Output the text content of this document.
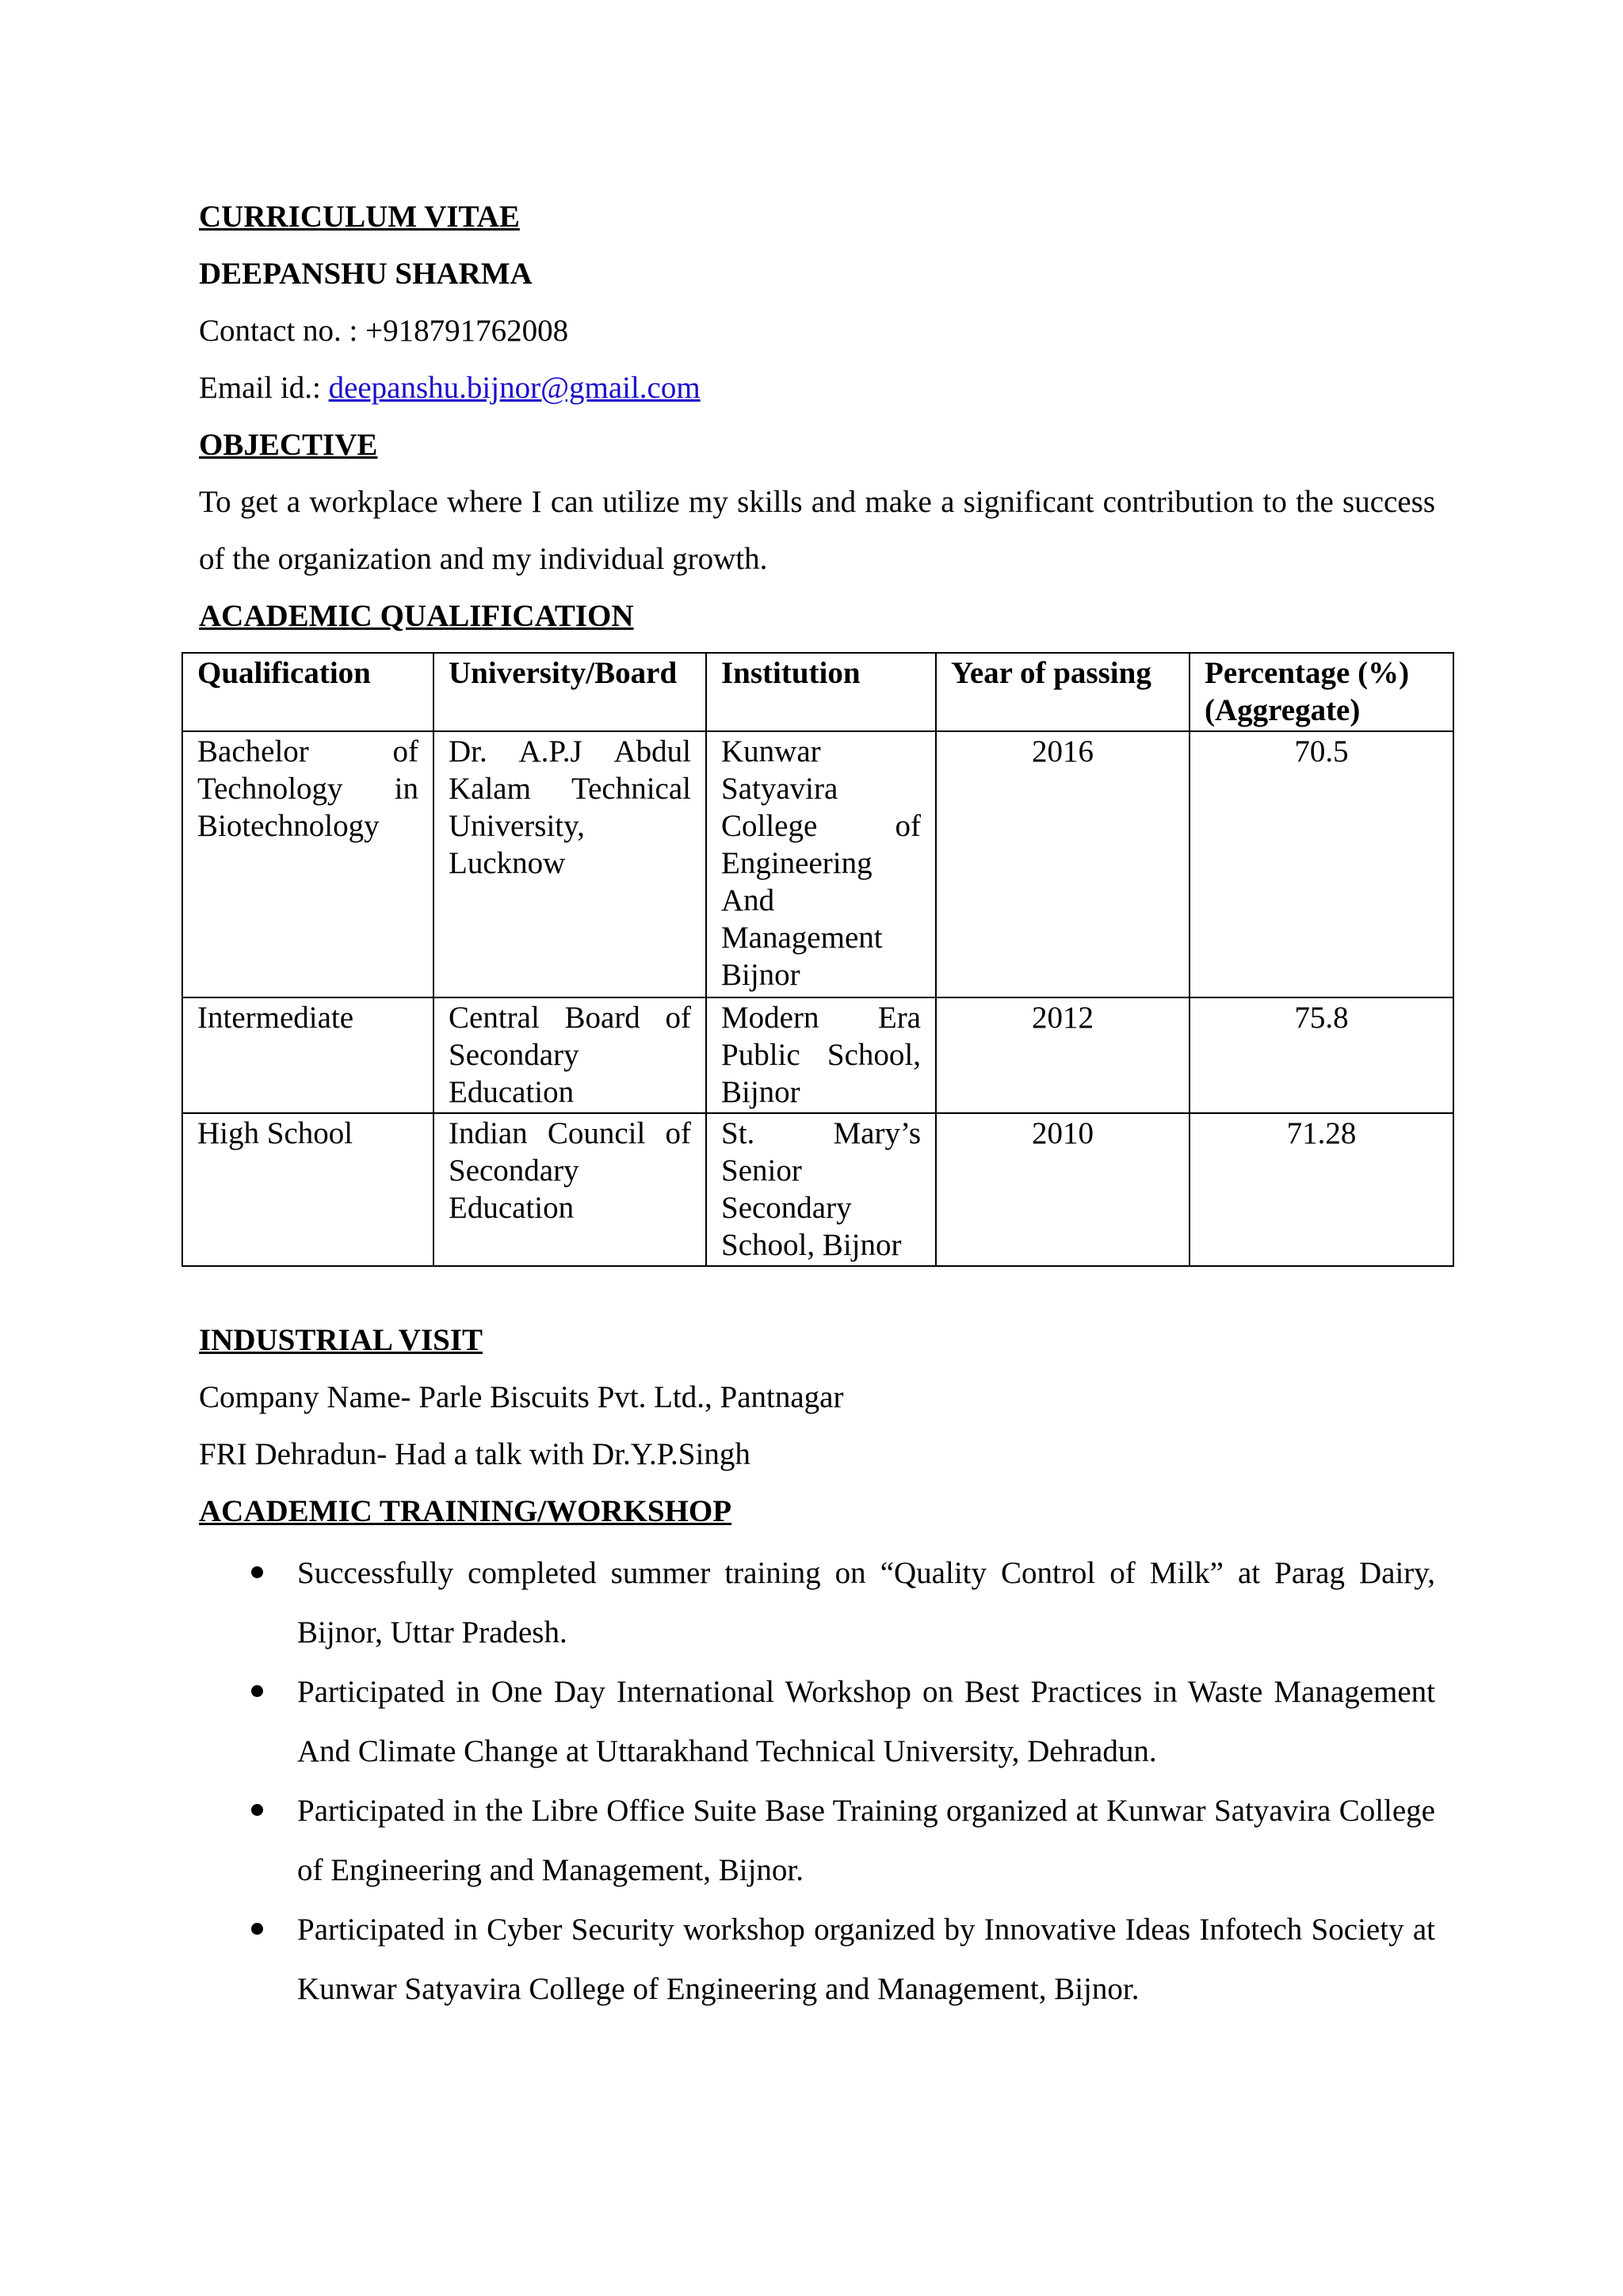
CURRICULUM VITAE
DEEPANSHU SHARMA
Contact no. : +918791762008
Email id.: deepanshu.bijnor@gmail.com
OBJECTIVE
To get a workplace where I can utilize my skills and make a significant contribution to the success of the organization and my individual growth.
ACADEMIC QUALIFICATION
Qualification	University/Board	Institution	Year of passing	Percentage (%) (Aggregate)
Bachelor of Technology in Biotechnology	Dr. A.P.J Abdul Kalam Technical University, Lucknow	Kunwar Satyavira College of Engineering And Management Bijnor	2016	70.5
Intermediate	Central Board of Secondary Education	Modern Era Public School, Bijnor	2012	75.8
High School	Indian Council of Secondary Education	St. Mary’s Senior Secondary School, Bijnor	2010	71.28
INDUSTRIAL VISIT
Company Name- Parle Biscuits Pvt. Ltd., Pantnagar
FRI Dehradun- Had a talk with Dr.Y.P.Singh
ACADEMIC TRAINING/WORKSHOP
Successfully completed summer training on “Quality Control of Milk” at Parag Dairy, Bijnor, Uttar Pradesh.
Participated in One Day International Workshop on Best Practices in Waste Management And Climate Change at Uttarakhand Technical University, Dehradun.
Participated in the Libre Office Suite Base Training organized at Kunwar Satyavira College of Engineering and Management, Bijnor.
Participated in Cyber Security workshop organized by Innovative Ideas Infotech Society at Kunwar Satyavira College of Engineering and Management, Bijnor.
